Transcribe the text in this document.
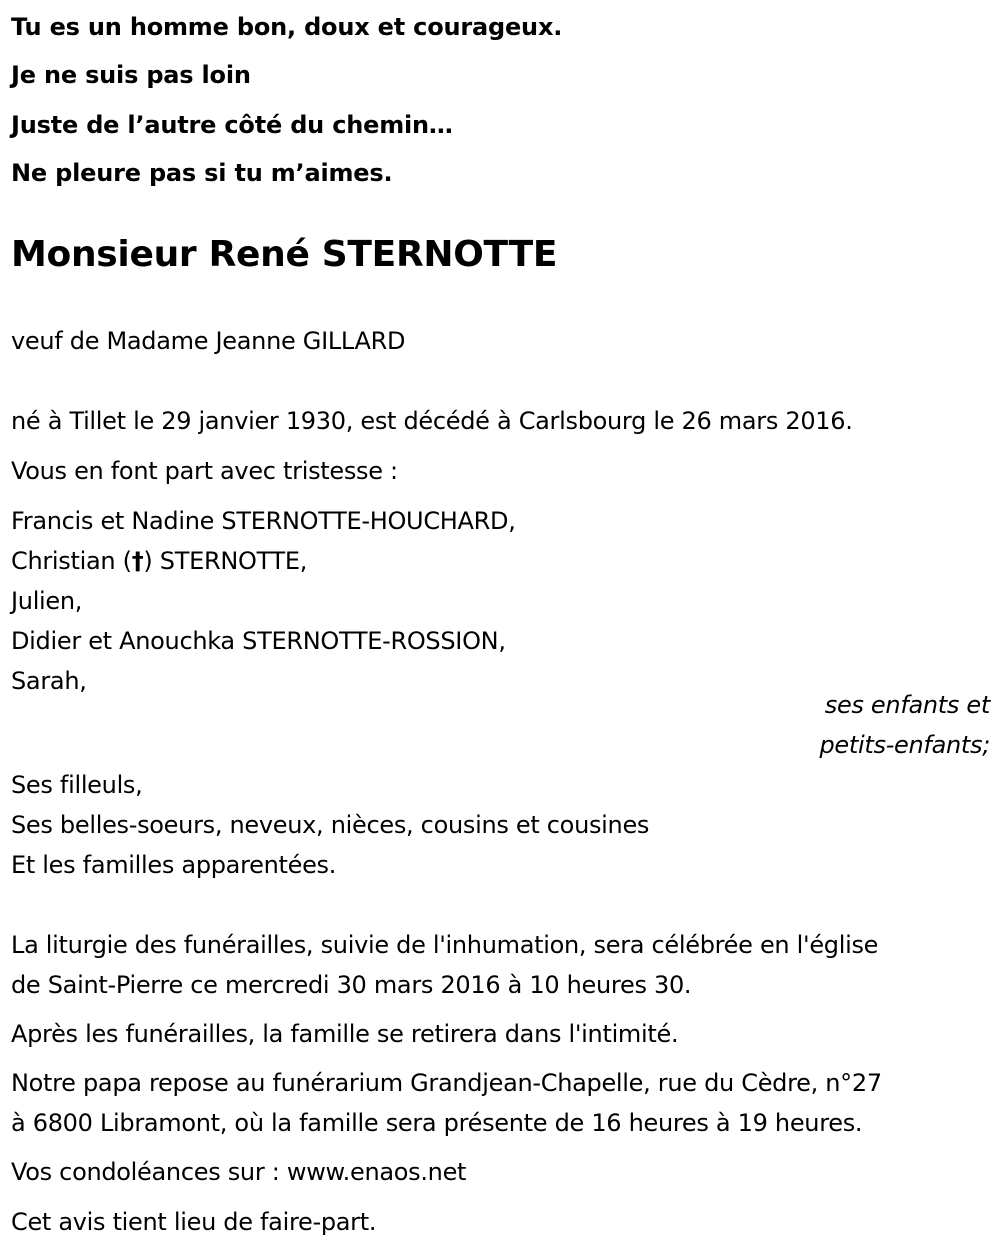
Tu es un homme bon, doux et courageux.
Je ne suis pas loin
Juste de l’autre côté du chemin…
Ne pleure pas si tu m’aimes.
Monsieur René STERNOTTE
veuf de Madame Jeanne GILLARD
né à Tillet le 29 janvier 1930, est décédé à Carlsbourg le 26 mars 2016.
Vous en font part avec tristesse :
Francis et Nadine STERNOTTE-HOUCHARD,
Christian (†) STERNOTTE,
Julien,
Didier et Anouchka STERNOTTE-ROSSION,
Sarah,
ses enfants et
petits-enfants;
Ses filleuls,
Ses belles-soeurs, neveux, nièces, cousins et cousines
Et les familles apparentées.
La liturgie des funérailles, suivie de l'inhumation, sera célébrée en l'église
de Saint-Pierre ce mercredi 30 mars 2016 à 10 heures 30.
Après les funérailles, la famille se retirera dans l'intimité.
Notre papa repose au funérarium Grandjean-Chapelle, rue du Cèdre, n°27
à 6800 Libramont, où la famille sera présente de 16 heures à 19 heures.
Vos condoléances sur : www.enaos.net
Cet avis tient lieu de faire-part.
